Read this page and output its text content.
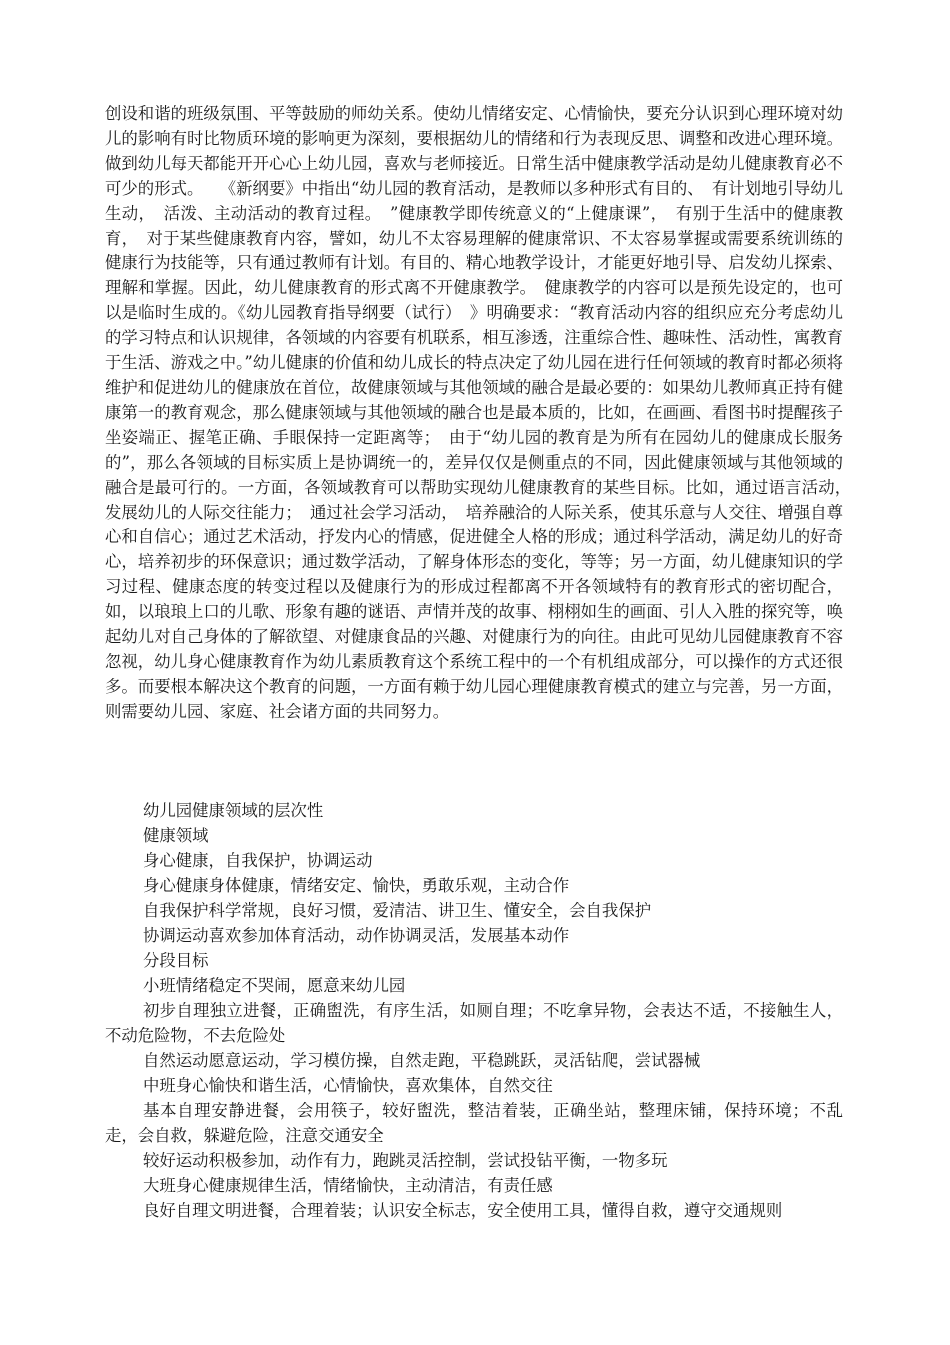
创设和谐的班级氛围、平等鼓励的师幼关系。使幼儿情绪安定、心情愉快，要充分认识到心理环境对幼儿的影响有时比物质环境的影响更为深刻，要根据幼儿的情绪和行为表现反思、调整和改进心理环境。做到幼儿每天都能开开心心上幼儿园，喜欢与老师接近。日常生活中健康教学活动是幼儿健康教育必不可少的形式。　　《新纲要》中指出“幼儿园的教育活动，是教师以多种形式有目的、　有计划地引导幼儿生动，　活泼、主动活动的教育过程。　”健康教学即传统意义的“上健康课”，　有别于生活中的健康教育，　对于某些健康教育内容，譬如，幼儿不太容易理解的健康常识、不太容易掌握或需要系统训练的健康行为技能等，只有通过教师有计划。有目的、精心地教学设计，才能更好地引导、启发幼儿探索、理解和掌握。因此，幼儿健康教育的形式离不开健康教学。　健康教学的内容可以是预先设定的，也可以是临时生成的。《幼儿园教育指导纲要（试行）　》明确要求：“教育活动内容的组织应充分考虑幼儿的学习特点和认识规律，各领域的内容要有机联系，相互渗透，注重综合性、趣味性、活动性，寓教育于生活、游戏之中。”幼儿健康的价值和幼儿成长的特点决定了幼儿园在进行任何领域的教育时都必须将维护和促进幼儿的健康放在首位，故健康领域与其他领域的融合是最必要的：如果幼儿教师真正持有健康第一的教育观念，那么健康领域与其他领域的融合也是最本质的，比如，在画画、看图书时提醒孩子坐姿端正、握笔正确、手眼保持一定距离等；　由于“幼儿园的教育是为所有在园幼儿的健康成长服务的”，那么各领域的目标实质上是协调统一的，差异仅仅是侧重点的不同，因此健康领域与其他领域的融合是最可行的。一方面，各领域教育可以帮助实现幼儿健康教育的某些目标。比如，通过语言活动，　发展幼儿的人际交往能力；　通过社会学习活动，　培养融洽的人际关系，使其乐意与人交往、增强自尊心和自信心；通过艺术活动，抒发内心的情感，促进健全人格的形成；通过科学活动，满足幼儿的好奇心，培养初步的环保意识；通过数学活动，了解身体形态的变化，等等；另一方面，幼儿健康知识的学习过程、健康态度的转变过程以及健康行为的形成过程都离不开各领域特有的教育形式的密切配合，如，以琅琅上口的儿歌、形象有趣的谜语、声情并茂的故事、栩栩如生的画面、引人入胜的探究等，唤起幼儿对自己身体的了解欲望、对健康食品的兴趣、对健康行为的向往。由此可见幼儿园健康教育不容忽视，幼儿身心健康教育作为幼儿素质教育这个系统工程中的一个有机组成部分，可以操作的方式还很多。而要根本解决这个教育的问题，一方面有赖于幼儿园心理健康教育模式的建立与完善，另一方面，则需要幼儿园、家庭、社会诸方面的共同努力。

幼儿园健康领域的层次性

健康领域

身心健康，自我保护，协调运动

身心健康身体健康，情绪安定、愉快，勇敢乐观，主动合作

自我保护科学常规，良好习惯，爱清洁、讲卫生、懂安全，会自我保护

协调运动喜欢参加体育活动，动作协调灵活，发展基本动作

分段目标

小班情绪稳定不哭闹，愿意来幼儿园

初步自理独立进餐，正确盥洗，有序生活，如厕自理；不吃拿异物，会表达不适，不接触生人，不动危险物，不去危险处

自然运动愿意运动，学习模仿操，自然走跑，平稳跳跃，灵活钻爬，尝试器械

中班身心愉快和谐生活，心情愉快，喜欢集体，自然交往

基本自理安静进餐，会用筷子，较好盥洗，整洁着装，正确坐站，整理床铺，保持环境；不乱走，会自救，躲避危险，注意交通安全

较好运动积极参加，动作有力，跑跳灵活控制，尝试投钻平衡，一物多玩

大班身心健康规律生活，情绪愉快，主动清洁，有责任感

良好自理文明进餐，合理着装；认识安全标志，安全使用工具，懂得自救，遵守交通规则
